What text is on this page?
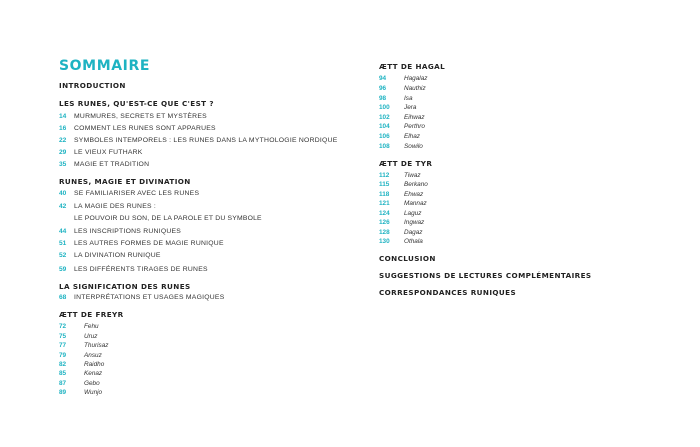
SOMMAIRE
INTRODUCTION
LES RUNES, QU'EST-CE QUE C'EST ?
14 MURMURES, SECRETS ET MYSTÈRES
16 COMMENT LES RUNES SONT APPARUES
22 SYMBOLES INTEMPORELS : LES RUNES DANS LA MYTHOLOGIE NORDIQUE
29 LE VIEUX FUTHARK
35 MAGIE ET TRADITION
RUNES, MAGIE ET DIVINATION
40 SE FAMILIARISER AVEC LES RUNES
42 LA MAGIE DES RUNES :
LE POUVOIR DU SON, DE LA PAROLE ET DU SYMBOLE
44 LES INSCRIPTIONS RUNIQUES
51 LES AUTRES FORMES DE MAGIE RUNIQUE
52 LA DIVINATION RUNIQUE
59 LES DIFFÉRENTS TIRAGES DE RUNES
LA SIGNIFICATION DES RUNES
68 INTERPRÉTATIONS ET USAGES MAGIQUES
ÆTT DE FREYR
72	Fehu
75	Uruz
77	Thurisaz
79	Ansuz
82	Raidho
85	Kenaz
87	Gebo
89	Wunjo
ÆTT DE HAGAL
94	Hagalaz
96	Nauthiz
98	Isa
100 Jera
102 Eihwaz
104 Perthro
106 Elhaz
108 Sowilo
ÆTT DE TYR
112 Tiwaz
115 Berkano
118 Ehwaz
121 Mannaz
124 Laguz
126 Ingwaz
128 Dagaz
130 Othala
CONCLUSION
SUGGESTIONS DE LECTURES COMPLÉMENTAIRES
CORRESPONDANCES RUNIQUES
